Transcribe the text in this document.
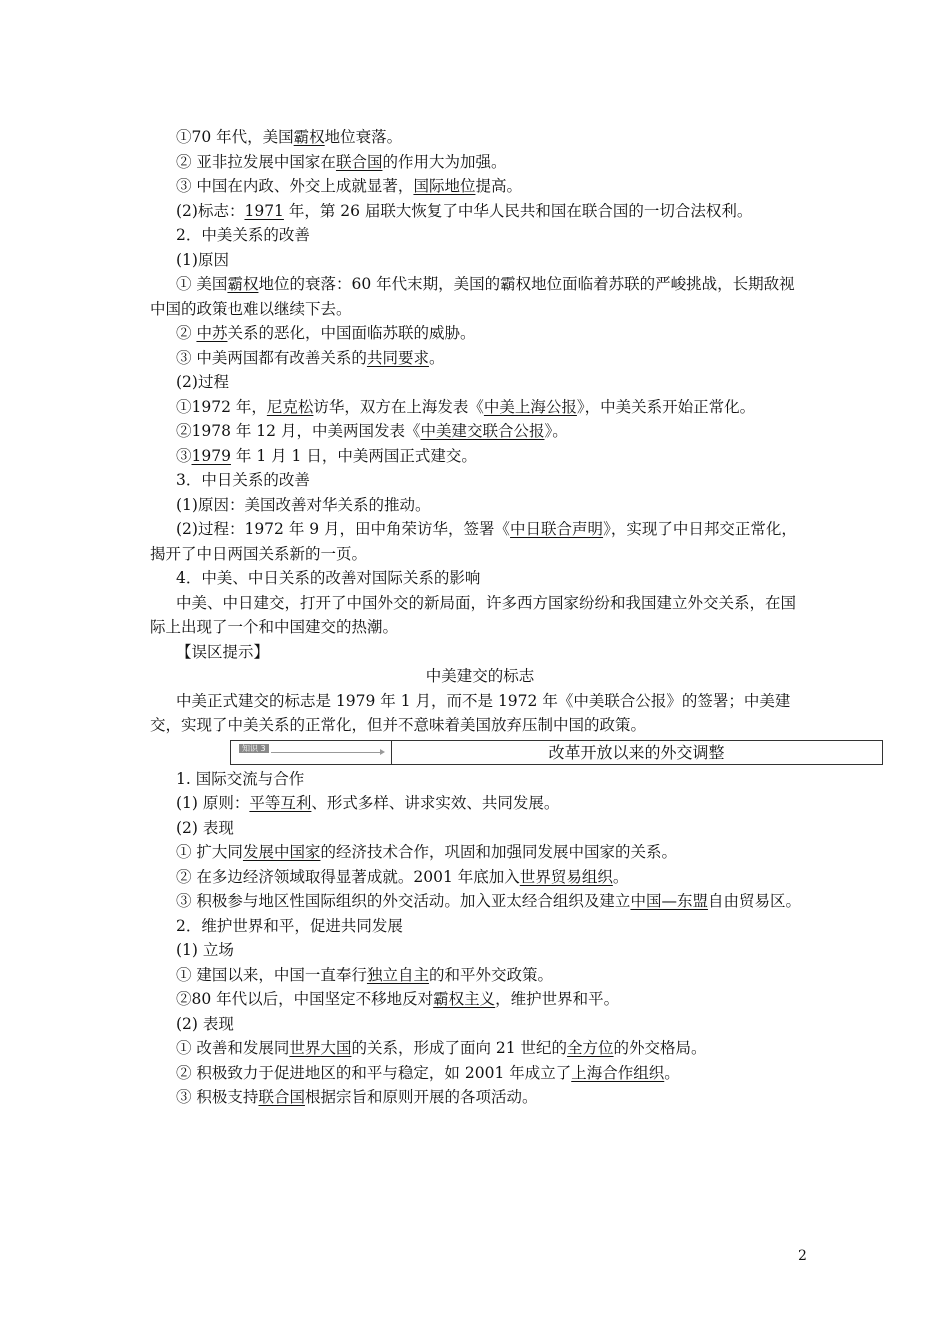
①70 年代，美国霸权地位衰落。
② 亚非拉发展中国家在联合国的作用大为加强。
③ 中国在内政、外交上成就显著，国际地位提高。
(2)标志：1971 年，第 26 届联大恢复了中华人民共和国在联合国的一切合法权利。
2．中美关系的改善
(1)原因
① 美国霸权地位的衰落：60 年代末期，美国的霸权地位面临着苏联的严峻挑战，长期敌视中国的政策也难以继续下去。
② 中苏关系的恶化，中国面临苏联的威胁。
③ 中美两国都有改善关系的共同要求。
(2)过程
①1972 年，尼克松访华，双方在上海发表《中美上海公报》，中美关系开始正常化。
②1978 年 12 月，中美两国发表《中美建交联合公报》。
③1979 年 1 月 1 日，中美两国正式建交。
3．中日关系的改善
(1)原因：美国改善对华关系的推动。
(2)过程：1972 年 9 月，田中角荣访华，签署《中日联合声明》，实现了中日邦交正常化，揭开了中日两国关系新的一页。
4．中美、中日关系的改善对国际关系的影响
中美、中日建交，打开了中国外交的新局面，许多西方国家纷纷和我国建立外交关系，在国际上出现了一个和中国建交的热潮。
【误区提示】
中美建交的标志
中美正式建交的标志是 1979 年 1 月，而不是 1972 年《中美联合公报》的签署；中美建交，实现了中美关系的正常化，但并不意味着美国放弃压制中国的政策。
知识 3	改革开放以来的外交调整
1. 国际交流与合作
(1) 原则：平等互利、形式多样、讲求实效、共同发展。
(2) 表现
① 扩大同发展中国家的经济技术合作，巩固和加强同发展中国家的关系。
② 在多边经济领域取得显著成就。2001 年底加入世界贸易组织。
③ 积极参与地区性国际组织的外交活动。加入亚太经合组织及建立中国—东盟自由贸易区。
2．维护世界和平，促进共同发展
(1) 立场
① 建国以来，中国一直奉行独立自主的和平外交政策。
②80 年代以后，中国坚定不移地反对霸权主义，维护世界和平。
(2) 表现
① 改善和发展同世界大国的关系，形成了面向 21 世纪的全方位的外交格局。
② 积极致力于促进地区的和平与稳定，如 2001 年成立了上海合作组织。
③ 积极支持联合国根据宗旨和原则开展的各项活动。
2
